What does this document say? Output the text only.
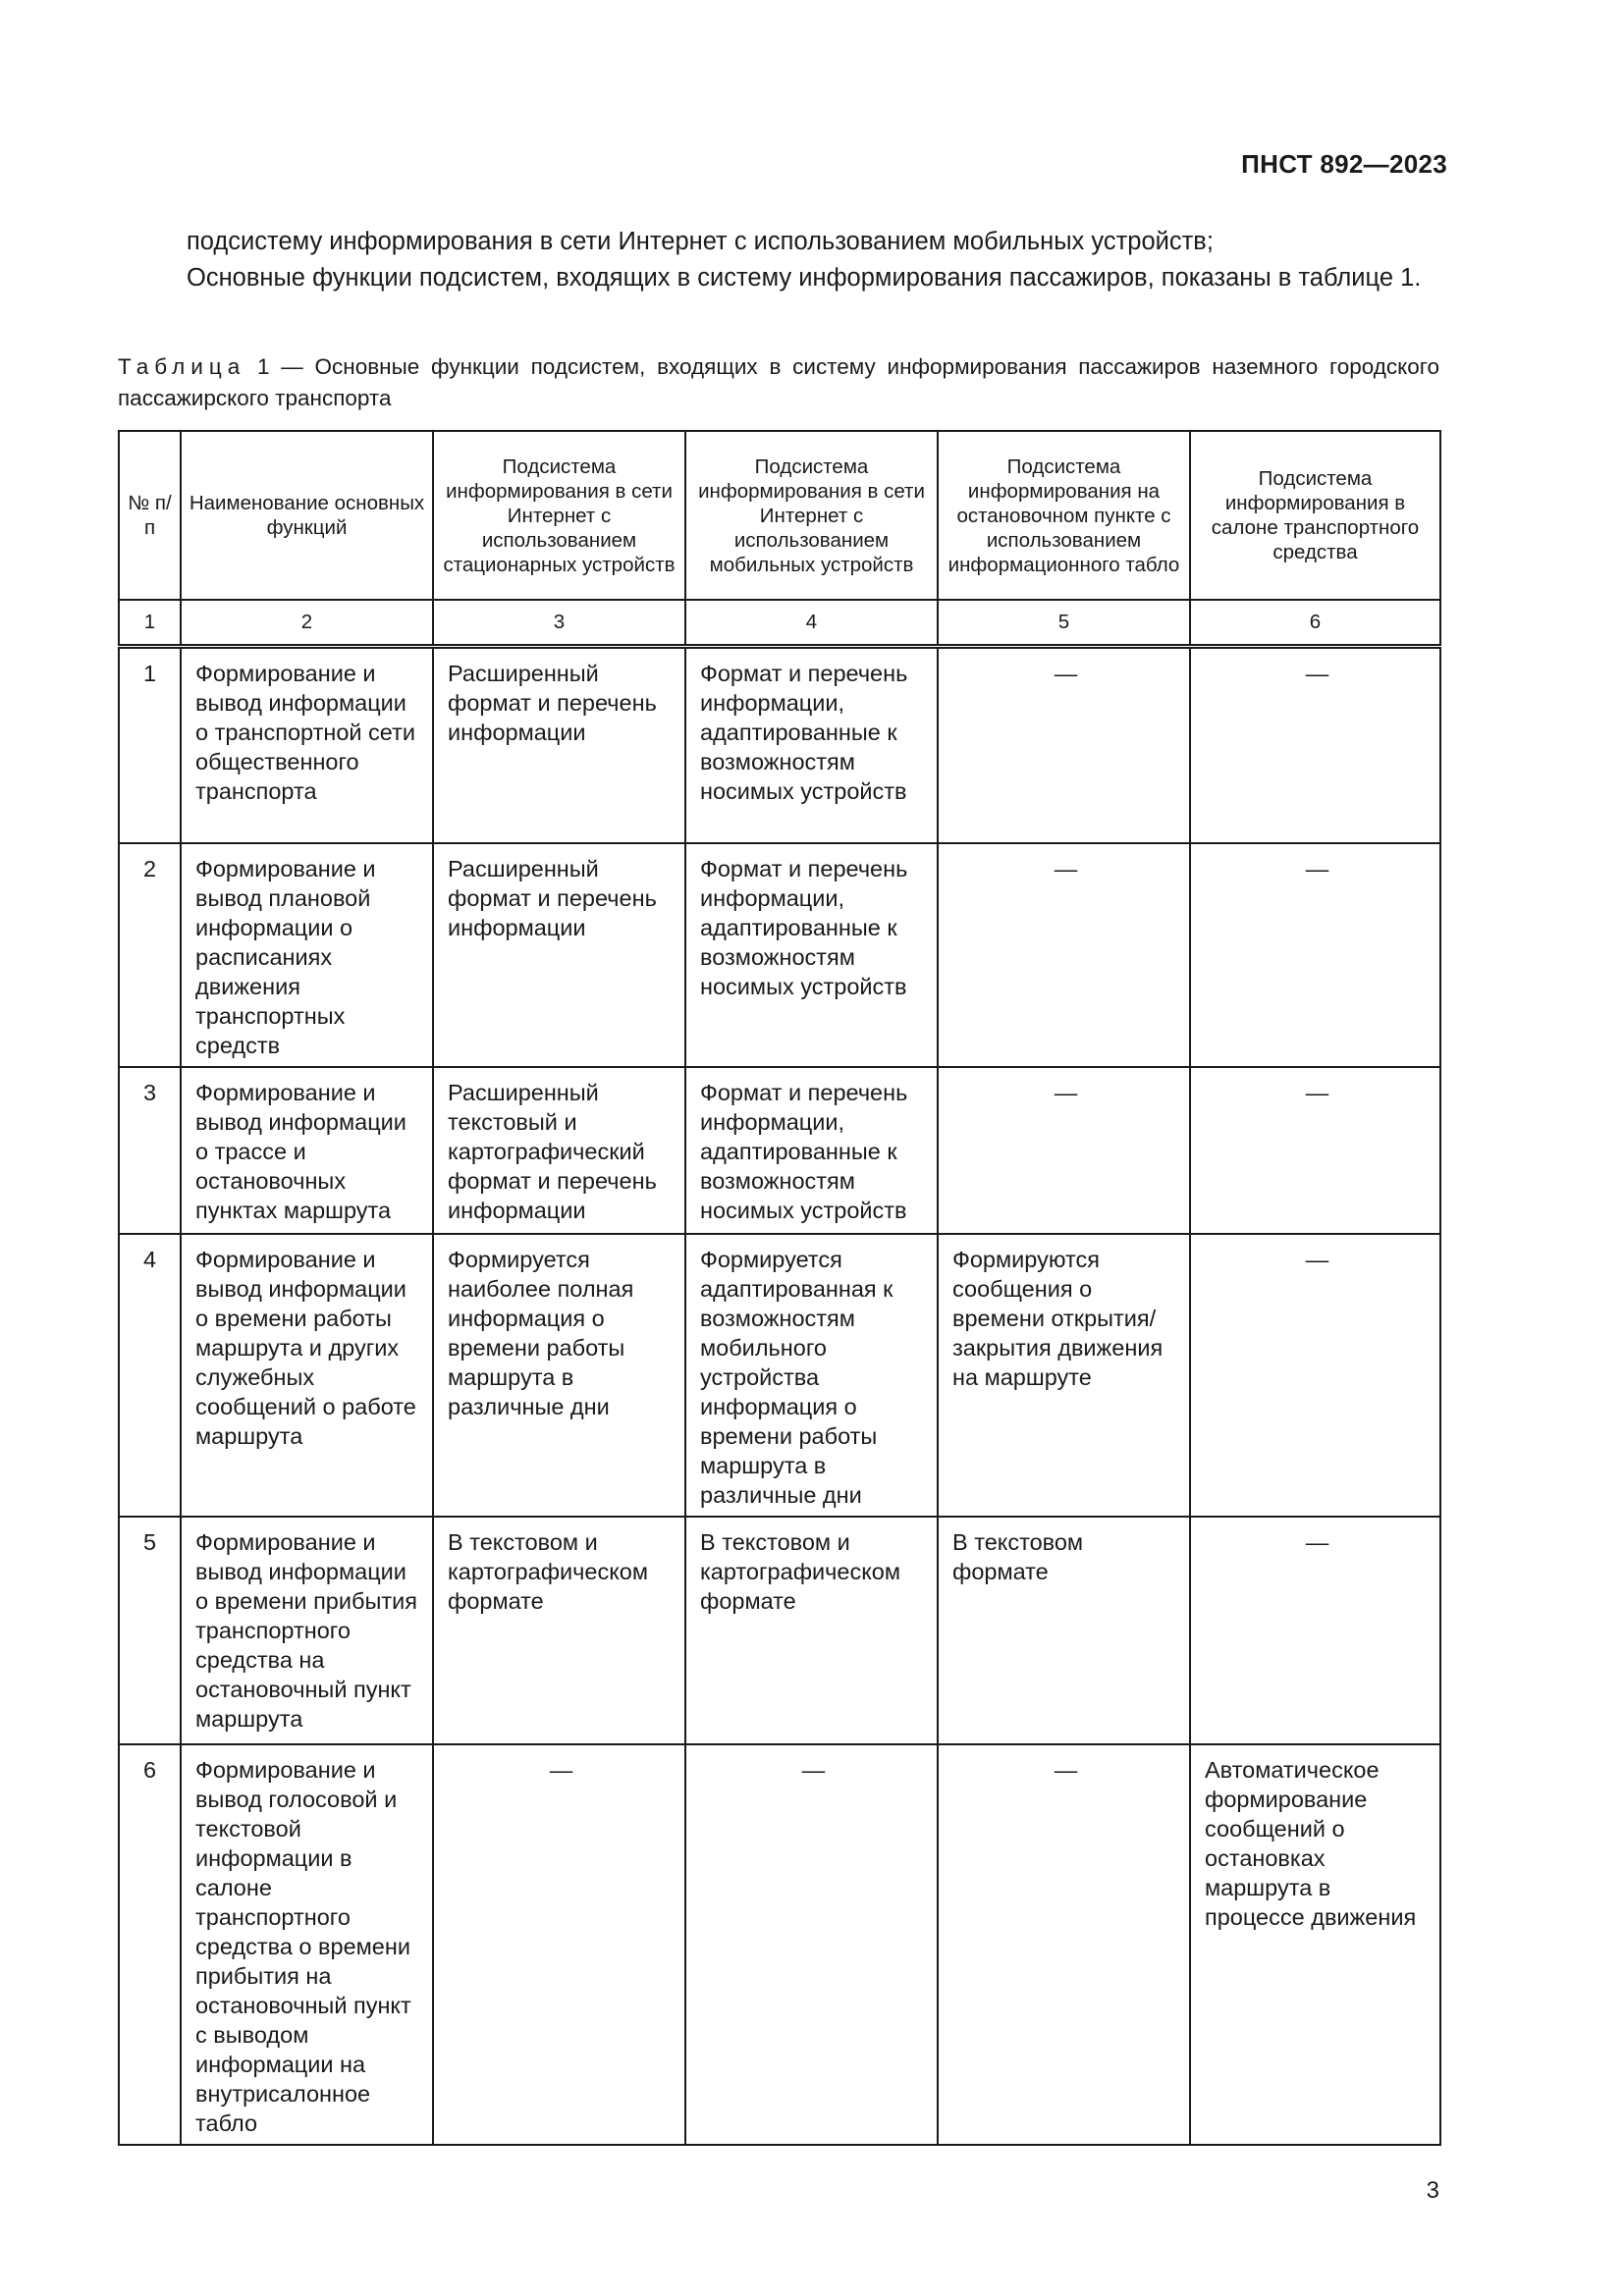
ПНСТ 892—2023

подсистему информирования в сети Интернет с использованием мобильных устройств;

Основные функции подсистем, входящих в систему информирования пассажиров, показаны в таблице 1.

Таблица 1 — Основные функции подсистем, входящих в систему информирования пассажиров наземного городского пассажирского транспорта
№ п/п	Наименование основных функций	Подсистема информирования в сети Интернет с использованием стационарных устройств	Подсистема информирования в сети Интернет с использованием мобильных устройств	Подсистема информирования на остановочном пункте с использованием информационного табло	Подсистема информирования в салоне транспортного средства
1	2	3	4	5	6
1	Формирование и вывод информации о транспортной сети общественного транспорта	Расширенный формат и перечень информации	Формат и перечень информации, адаптированные к возможностям носимых устройств	—	—
2	Формирование и вывод плановой информации о расписаниях движения транспортных средств	Расширенный формат и перечень информации	Формат и перечень информации, адаптированные к возможностям носимых устройств	—	—
3	Формирование и вывод информации о трассе и остановочных пунктах маршрута	Расширенный текстовый и картографический формат и перечень информации	Формат и перечень информации, адаптированные к возможностям носимых устройств	—	—
4	Формирование и вывод информации о времени работы маршрута и других служебных сообщений о работе маршрута	Формируется наиболее полная информация о времени работы маршрута в различные дни	Формируется адаптированная к возможностям мобильного устройства информация о времени работы маршрута в различные дни	Формируются сообщения о времени открытия/закрытия движения на маршруте	—
5	Формирование и вывод информации о времени прибытия транспортного средства на остановочный пункт маршрута	В текстовом и картографическом формате	В текстовом и картографическом формате	В текстовом формате	—
6	Формирование и вывод голосовой и текстовой информации в салоне транспортного средства о времени прибытия на остановочный пункт с выводом информации на внутрисалонное табло	—	—	—	Автоматическое формирование сообщений о остановках маршрута в процессе движения
3
